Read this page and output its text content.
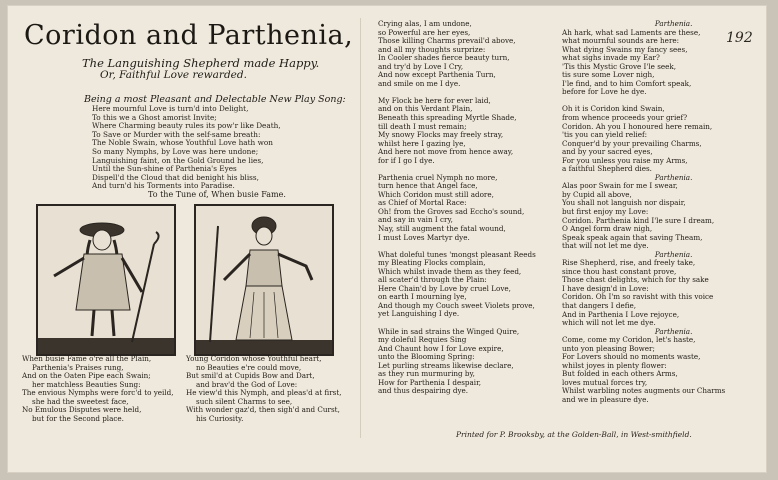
192
Coridon and Parthenia,
The Languishing Shepherd made Happy.
Or, Faithful Love rewarded.
Being a most Pleasant and Delectable New Play Song:
Here mournful Love is turn'd into Delight,
To this we a Ghost amorist Invite;
Where Charming beauty rules its pow'r like Death,
To Save or Murder with the self-same breath:
The Noble Swain, whose Youthful Love hath won
So many Nymphs, by Love was here undone;
Languishing faint, on the Gold Ground he lies,
Until the Sun-shine of Parthenia's Eyes
Dispell'd the Cloud that did benight his bliss,
And turn'd his Torments into Paradise.
To the Tune of, When busie Fame.
When busie Fame o're all the Plain,
Parthenia's Praises rung,
And on the Oaten Pipe each Swain;
her matchless Beauties Sung:
The envious Nymphs were forc'd to yeild,
she had the sweetest face,
No Emulous Disputes were held,
but for the Second place.
Young Coridon whose Youthful heart,
no Beauties e're could move,
But smil'd at Cupids Bow and Dart,
and brav'd the God of Love:
He view'd this Nymph, and pleas'd at first,
such silent Charms to see,
With wonder gaz'd, then sigh'd and Curst,
his Curiosity.
Crying alas, I am undone,
so Powerful are her eyes,
Those killing Charms prevail'd above,
and all my thoughts surprize:
In Cooler shades fierce beauty turn,
and try'd by Love I Cry,
And now except Parthenia Turn,
and smile on me I dye.
My Flock be here for ever laid,
and on this Verdant Plain,
Beneath this spreading Myrtle Shade,
till death I must remain;
My snowy Flocks may freely stray,
whilst here I gazing lye,
And here not move from hence away,
for if I go I dye.
Parthenia cruel Nymph no more,
turn hence that Angel face,
Which Coridon must still adore,
as Chief of Mortal Race:
Oh! from the Groves sad Eccho's sound,
and say in vain I cry,
Nay, still augment the fatal wound,
I must Loves Martyr dye.
What doleful tunes 'mongst pleasant Reeds
my Bleating Flocks complain,
Which whilst invade them as they feed,
all scater'd through the Plain:
Here Chain'd by Love by cruel Love,
on earth I mourning lye,
And though my Couch sweet Violets prove,
yet Languishing I dye.
While in sad strains the Winged Quire,
my doleful Requies Sing
And Chaunt how I for Love expire,
unto the Blooming Spring:
Let purling streams likewise declare,
as they run murmuring by,
How for Parthenia I despair,
and thus despairing dye.
Parthenia.
Ah hark, what sad Laments are these,
what mournful sounds are here:
What dying Swains my fancy sees,
what sighs invade my Ear?
'Tis this Mystic Grove I'le seek,
tis sure some Lover nigh,
I'le find, and to him Comfort speak,
before for Love he dye.
Oh it is Coridon kind Swain,
from whence proceeds your grief?
Coridon. Ah you I honoured here remain,
'tis you can yield relief:
Conquer'd by your prevailing Charms,
and by your sacred eyes,
For you unless you raise my Arms,
a faithful Shepherd dies.
Parthenia.
Alas poor Swain for me I swear,
by Cupid all above,
You shall not languish nor dispair,
but first enjoy my Love:
Coridon. Parthenia kind I'le sure I dream,
O Angel form draw nigh,
Speak speak again that saving Theam,
that will not let me dye.
Parthenia.
Rise Shepherd, rise, and freely take,
since thou hast constant prove,
Those chast delights, which for thy sake
I have design'd in Love:
Coridon. Oh I'm so ravisht with this voice
that dangers I defie,
And in Parthenia I Love rejoyce,
which will not let me dye.
Parthenia.
Come, come my Coridon, let's haste,
unto yon pleasing Bower;
For Lovers should no moments waste,
whilst joyes in plenty flower:
But folded in each others Arms,
loves mutual forces try,
Whilst warbling notes augments our Charms
and we in pleasure dye.
Printed for P. Brooksby, at the Golden-Ball, in West-smithfield.
